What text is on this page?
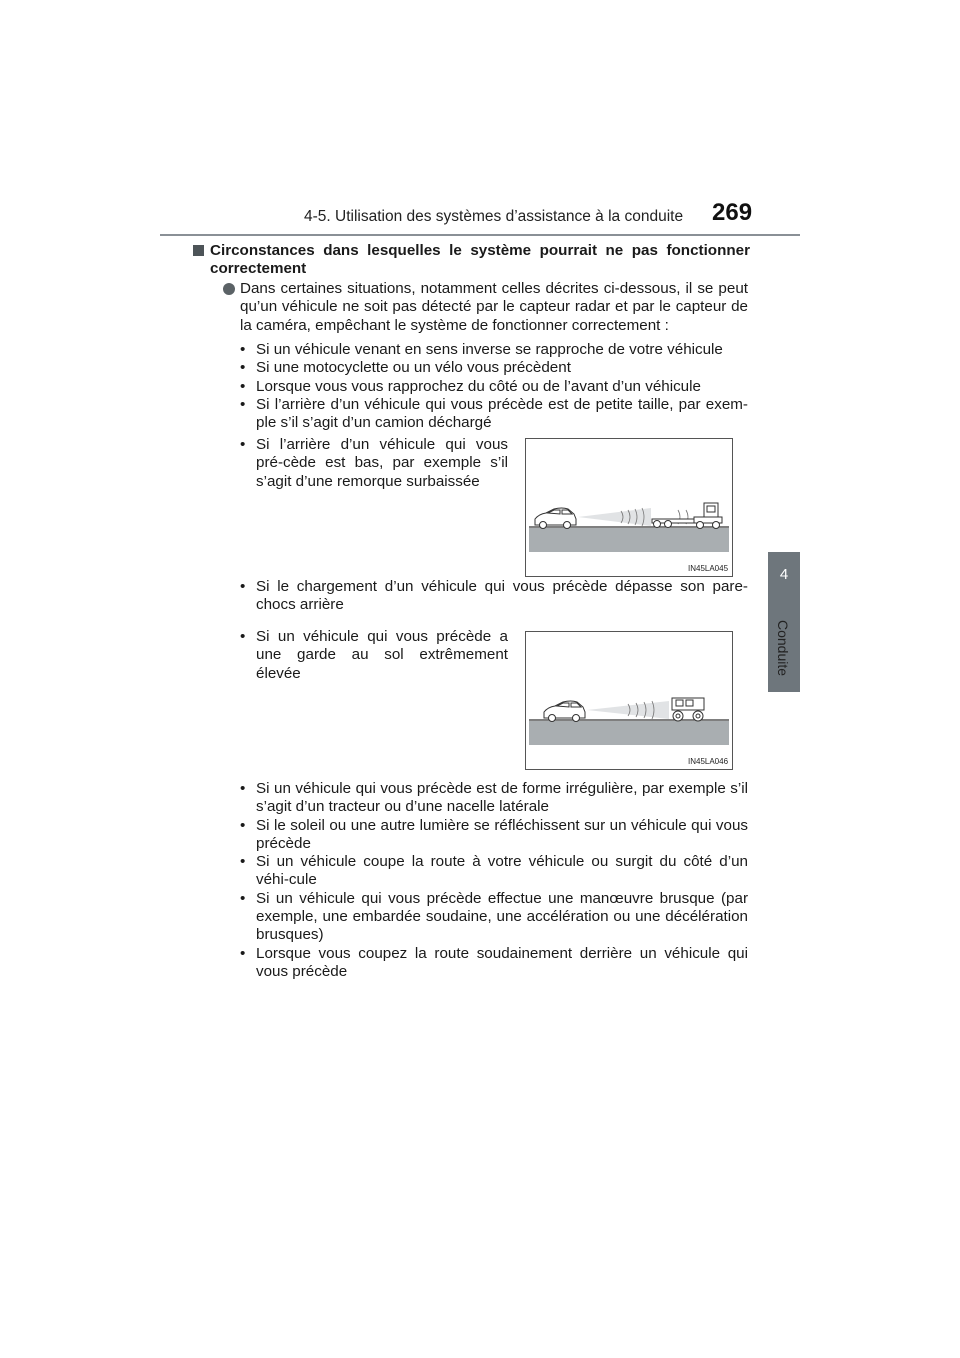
4-5. Utilisation des systèmes d’assistance à la conduite 269
4
Conduite
Circonstances dans lesquelles le système pourrait ne pas fonctionner correctement
Dans certaines situations, notamment celles décrites ci-dessous, il se peut qu’un véhicule ne soit pas détecté par le capteur radar et par le capteur de la caméra, empêchant le système de fonctionner correctement :
• Si un véhicule venant en sens inverse se rapproche de votre véhicule
• Si une motocyclette ou un vélo vous précèdent
• Lorsque vous vous rapprochez du côté ou de l’avant d’un véhicule
• Si l’arrière d’un véhicule qui vous précède est de petite taille, par exem-ple s’il s’agit d’un camion déchargé
• Si l’arrière d’un véhicule qui vous pré-cède est bas, par exemple s’il s’agit d’une remorque surbaissée
IN45LA045
• Si le chargement d’un véhicule qui vous précède dépasse son pare-chocs arrière
• Si un véhicule qui vous précède a une garde au sol extrêmement élevée
IN45LA046
• Si un véhicule qui vous précède est de forme irrégulière, par exemple s’il s’agit d’un tracteur ou d’une nacelle latérale
• Si le soleil ou une autre lumière se réfléchissent sur un véhicule qui vous précède
• Si un véhicule coupe la route à votre véhicule ou surgit du côté d’un véhi-cule
• Si un véhicule qui vous précède effectue une manœuvre brusque (par exemple, une embardée soudaine, une accélération ou une décélération brusques)
• Lorsque vous coupez la route soudainement derrière un véhicule qui vous précède
